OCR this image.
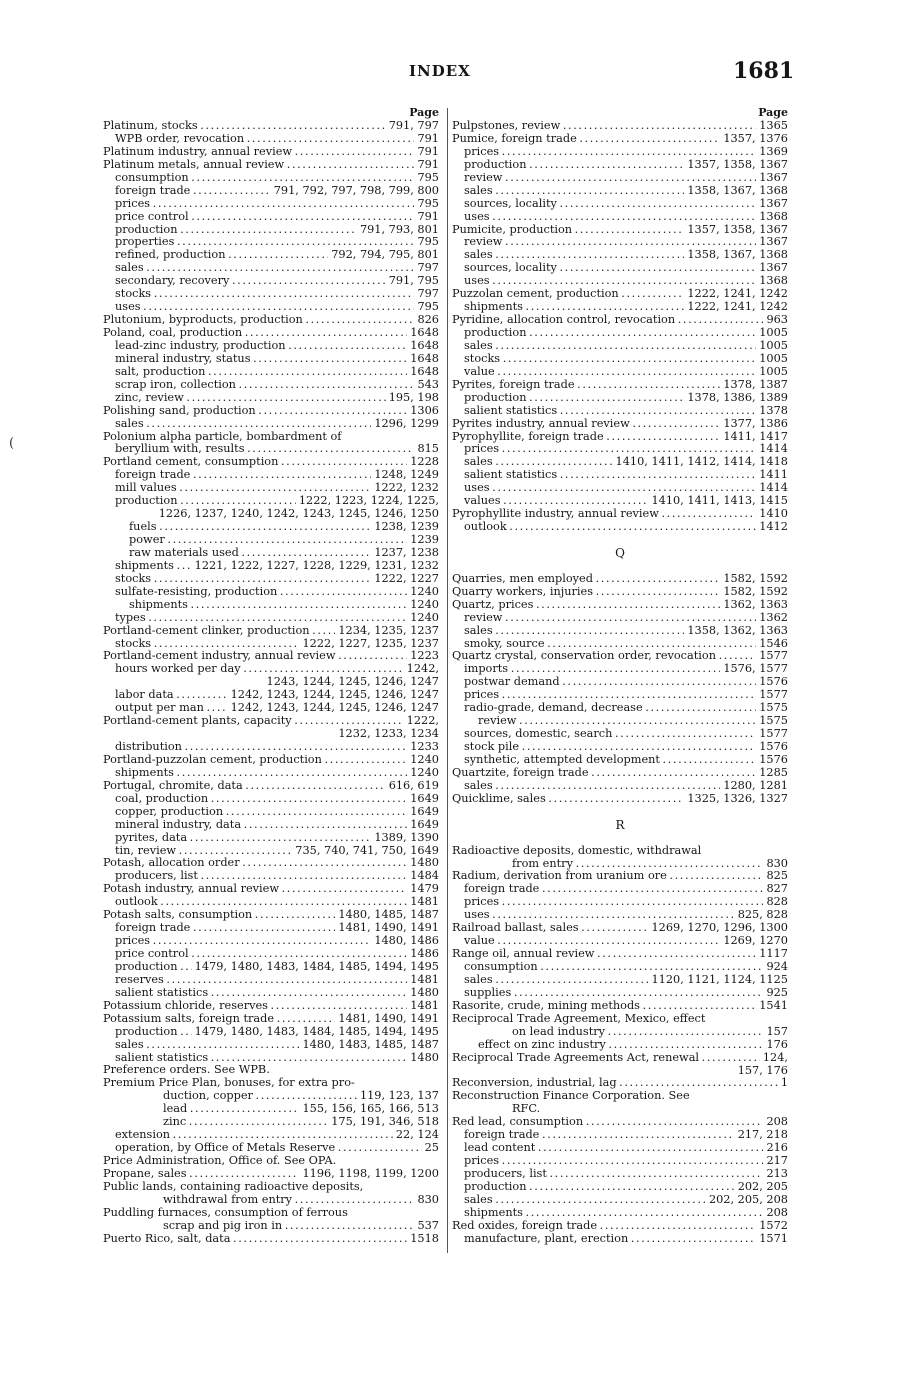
INDEX	1681
(
Page
Platinum, stocks . . .	791, 797
WPB order, revocation . . .	791
Platinum industry, annual review . . .	791
Platinum metals, annual review . . .	791
consumption . . .	795
foreign trade . . .	791, 792, 797, 798, 799, 800
prices . . .	795
price control . . .	791
production . . .	791, 793, 801
properties . . .	795
refined, production . . .	792, 794, 795, 801
sales . . .	797
secondary, recovery . . .	791, 795
stocks . . .	797
uses . . .	795
Plutonium, byproducts, production . . .	826
Poland, coal, production . . .	1648
lead-zinc industry, production . . .	1648
mineral industry, status . . .	1648
salt, production . . .	1648
scrap iron, collection . . .	543
zinc, review . . .	195, 198
Polishing sand, production . . .	1306
sales . . .	1296, 1299
Polonium alpha particle, bombardment of
beryllium with, results . . .	815
Portland cement, consumption . . .	1228
foreign trade . . .	1248, 1249
mill values . . .	1222, 1232
production . . .	1222, 1223, 1224, 1225,
1226, 1237, 1240, 1242, 1243, 1245, 1246, 1250
fuels . . .	1238, 1239
power . . .	1239
raw materials used . . .	1237, 1238
shipments . . .	1221, 1222, 1227, 1228, 1229, 1231, 1232
stocks . . .	1222, 1227
sulfate-resisting, production . . .	1240
shipments . . .	1240
types . . .	1240
Portland-cement clinker, production . . .	1234, 1235, 1237
stocks . . .	1222, 1227, 1235, 1237
Portland-cement industry, annual review . . .	1223
hours worked per day . . .	1242,
1243, 1244, 1245, 1246, 1247
labor data . . .	1242, 1243, 1244, 1245, 1246, 1247
output per man . . .	1242, 1243, 1244, 1245, 1246, 1247
Portland-cement plants, capacity . . .	1222,
1232, 1233, 1234
distribution . . .	1233
Portland-puzzolan cement, production . . .	1240
shipments . . .	1240
Portugal, chromite, data . . .	616, 619
coal, production . . .	1649
copper, production . . .	1649
mineral industry, data . . .	1649
pyrites, data . . .	1389, 1390
tin, review . . .	735, 740, 741, 750, 1649
Potash, allocation order . . .	1480
producers, list . . .	1484
Potash industry, annual review . . .	1479
outlook . . .	1481
Potash salts, consumption . . .	1480, 1485, 1487
foreign trade . . .	1481, 1490, 1491
prices . . .	1480, 1486
price control . . .	1486
production . . .	1479, 1480, 1483, 1484, 1485, 1494, 1495
reserves . . .	1481
salient statistics . . .	1480
Potassium chloride, reserves . . .	1481
Potassium salts, foreign trade . . .	1481, 1490, 1491
production . . .	1479, 1480, 1483, 1484, 1485, 1494, 1495
sales . . .	1480, 1483, 1485, 1487
salient statistics . . .	1480
Preference orders. See WPB.
Premium Price Plan, bonuses, for extra pro-
duction, copper . . .	119, 123, 137
lead . . .	155, 156, 165, 166, 513
zinc . . .	175, 191, 346, 518
extension . . .	22, 124
operation, by Office of Metals Reserve . . .	25
Price Administration, Office of. See OPA.
Propane, sales . . .	1196, 1198, 1199, 1200
Public lands, containing radioactive deposits,
withdrawal from entry . . .	830
Puddling furnaces, consumption of ferrous
scrap and pig iron in . . .	537
Puerto Rico, salt, data . . .	1518
Page
Pulpstones, review . . .	1365
Pumice, foreign trade . . .	1357, 1376
prices . . .	1369
production . . .	1357, 1358, 1367
review . . .	1367
sales . . .	1358, 1367, 1368
sources, locality . . .	1367
uses . . .	1368
Pumicite, production . . .	1357, 1358, 1367
review . . .	1367
sales . . .	1358, 1367, 1368
sources, locality . . .	1367
uses . . .	1368
Puzzolan cement, production . . .	1222, 1241, 1242
shipments . . .	1222, 1241, 1242
Pyridine, allocation control, revocation . . .	963
production . . .	1005
sales . . .	1005
stocks . . .	1005
value . . .	1005
Pyrites, foreign trade . . .	1378, 1387
production . . .	1378, 1386, 1389
salient statistics . . .	1378
Pyrites industry, annual review . . .	1377, 1386
Pyrophyllite, foreign trade . . .	1411, 1417
prices . . .	1414
sales . . .	1410, 1411, 1412, 1414, 1418
salient statistics . . .	1411
uses . . .	1414
values . . .	1410, 1411, 1413, 1415
Pyrophyllite industry, annual review . . .	1410
outlook . . .	1412
Q
Quarries, men employed . . .	1582, 1592
Quarry workers, injuries . . .	1582, 1592
Quartz, prices . . .	1362, 1363
review . . .	1362
sales . . .	1358, 1362, 1363
smoky, source . . .	1546
Quartz crystal, conservation order, revocation . . .	1577
imports . . .	1576, 1577
postwar demand . . .	1576
prices . . .	1577
radio-grade, demand, decrease . . .	1575
review . . .	1575
sources, domestic, search . . .	1577
stock pile . . .	1576
synthetic, attempted development . . .	1576
Quartzite, foreign trade . . .	1285
sales . . .	1280, 1281
Quicklime, sales . . .	1325, 1326, 1327
R
Radioactive deposits, domestic, withdrawal
from entry . . .	830
Radium, derivation from uranium ore . . .	825
foreign trade . . .	827
prices . . .	828
uses . . .	825, 828
Railroad ballast, sales . . .	1269, 1270, 1296, 1300
value . . .	1269, 1270
Range oil, annual review . . .	1117
consumption . . .	924
sales . . .	1120, 1121, 1124, 1125
supplies . . .	925
Rasorite, crude, mining methods . . .	1541
Reciprocal Trade Agreement, Mexico, effect
on lead industry . . .	157
effect on zinc industry . . .	176
Reciprocal Trade Agreements Act, renewal . . .	124,
157, 176
Reconversion, industrial, lag . . .	1
Reconstruction Finance Corporation. See
RFC.
Red lead, consumption . . .	208
foreign trade . . .	217, 218
lead content . . .	216
prices . . .	217
producers, list . . .	213
production . . .	202, 205
sales . . .	202, 205, 208
shipments . . .	208
Red oxides, foreign trade . . .	1572
manufacture, plant, erection . . .	1571
